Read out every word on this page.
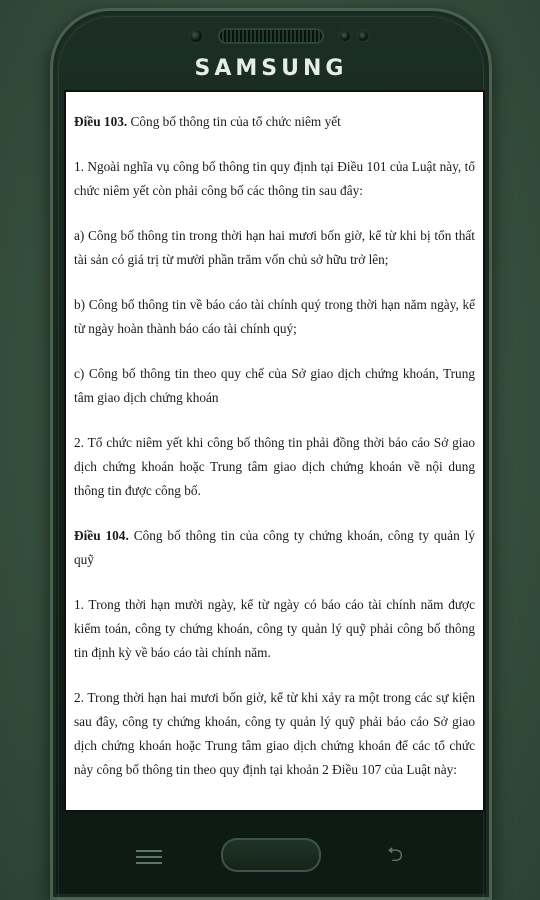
SAMSUNG
⮌

Điều 103. Công bố thông tin của tổ chức niêm yết

1. Ngoài nghĩa vụ công bố thông tin quy định tại Điều 101 của Luật này, tổ chức niêm yết còn phải công bố các thông tin sau đây:

a) Công bố thông tin trong thời hạn hai mươi bốn giờ, kể từ khi bị tổn thất tài sản có giá trị từ mười phần trăm vốn chủ sở hữu trở lên;

b) Công bố thông tin về báo cáo tài chính quý trong thời hạn năm ngày, kể từ ngày hoàn thành báo cáo tài chính quý;

c) Công bố thông tin theo quy chế của Sở giao dịch chứng khoán, Trung tâm giao dịch chứng khoán

2. Tổ chức niêm yết khi công bố thông tin phải đồng thời báo cáo Sở giao dịch chứng khoán hoặc Trung tâm giao dịch chứng khoán về nội dung thông tin được công bố.

Điều 104. Công bố thông tin của công ty chứng khoán, công ty quản lý quỹ

1. Trong thời hạn mười ngày, kể từ ngày có báo cáo tài chính năm được kiểm toán, công ty chứng khoán, công ty quản lý quỹ phải công bố thông tin định kỳ về báo cáo tài chính năm.

2. Trong thời hạn hai mươi bốn giờ, kể từ khi xảy ra một trong các sự kiện sau đây, công ty chứng khoán, công ty quản lý quỹ phải báo cáo Sở giao dịch chứng khoán hoặc Trung tâm giao dịch chứng khoán để các tổ chức này công bố thông tin theo quy định tại khoản 2 Điều 107 của Luật này:
